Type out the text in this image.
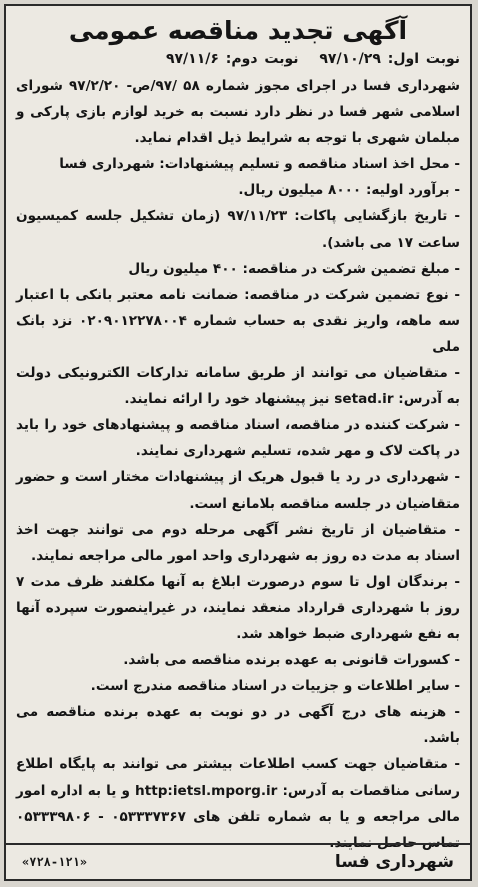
آگهی تجدید مناقصه عمومی
نوبت اول: ۹۷/۱۰/۲۹ نوبت دوم: ۹۷/۱۱/۶

شهرداری فسا در اجرای مجوز شماره ۵۸ /۹۷/ص- ۹۷/۲/۲۰ شورای اسلامی شهر فسا در نظر دارد نسبت به خرید لوازم بازی پارکی و مبلمان شهری با توجه به شرایط ذیل اقدام نماید.

- محل اخذ اسناد مناقصه و تسلیم پیشنهادات: شهرداری فسا

- برآورد اولیه: ۸۰۰۰ میلیون ریال.

- تاریخ بازگشایی پاکات: ۹۷/۱۱/۲۳ (زمان تشکیل جلسه کمیسیون ساعت ۱۷ می باشد).

- مبلغ تضمین شرکت در مناقصه: ۴۰۰ میلیون ریال

- نوع تضمین شرکت در مناقصه: ضمانت نامه معتبر بانکی با اعتبار سه ماهه، واریز نقدی به حساب شماره ۰۲۰۹۰۱۲۲۷۸۰۰۴ نزد بانک ملی

- متقاضیان می توانند از طریق سامانه تدارکات الکترونیکی دولت به آدرس: setad.ir نیز پیشنهاد خود را ارائه نمایند.

- شرکت کننده در مناقصه، اسناد مناقصه و پیشنهادهای خود را باید در پاکت لاک و مهر شده، تسلیم شهرداری نمایند.

- شهرداری در رد یا قبول هریک از پیشنهادات مختار است و حضور متقاضیان در جلسه مناقصه بلامانع است.

- متقاضیان از تاریخ نشر آگهی مرحله دوم می توانند جهت اخذ اسناد به مدت ده روز به شهرداری واحد امور مالی مراجعه نمایند.

- برندگان اول تا سوم درصورت ابلاغ به آنها مکلفند ظرف مدت ۷ روز با شهرداری قرارداد منعقد نمایند، در غیراینصورت سپرده آنها به نفع شهرداری ضبط خواهد شد.

- کسورات قانونی به عهده برنده مناقصه می باشد.

- سایر اطلاعات و جزییات در اسناد مناقصه مندرج است.

- هزینه های درج آگهی در دو نوبت به عهده برنده مناقصه می باشد.

- متقاضیان جهت کسب اطلاعات بیشتر می توانند به پایگاه اطلاع رسانی مناقصات به آدرس: http:ietsl.mporg.ir و یا به اداره امور مالی مراجعه و یا به شماره تلفن های ۰۵۳۳۳۷۳۶۷ - ۰۵۳۳۳۹۸۰۶ تماس حاصل نمایند.

شهرداری فسا
«۷۲۸-۱۲۱»
